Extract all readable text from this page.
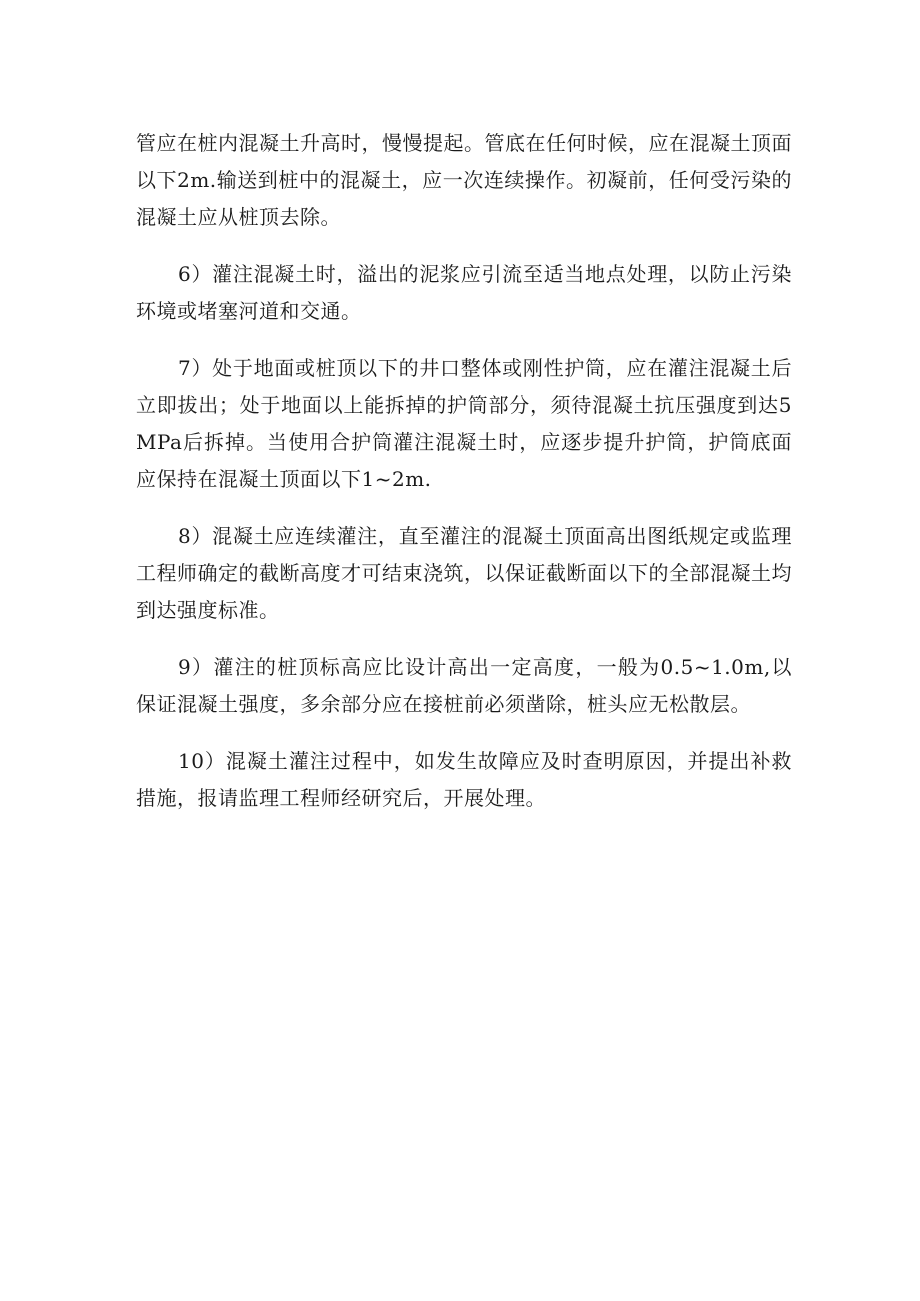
管应在桩内混凝土升高时，慢慢提起。管底在任何时候，应在混凝土顶面以下2m.输送到桩中的混凝土，应一次连续操作。初凝前，任何受污染的混凝土应从桩顶去除。

6）灌注混凝土时，溢出的泥浆应引流至适当地点处理，以防止污染环境或堵塞河道和交通。

7）处于地面或桩顶以下的井口整体或刚性护筒，应在灌注混凝土后立即拔出；处于地面以上能拆掉的护筒部分，须待混凝土抗压强度到达5MPa后拆掉。当使用合护筒灌注混凝土时，应逐步提升护筒，护筒底面应保持在混凝土顶面以下1~2m.

8）混凝土应连续灌注，直至灌注的混凝土顶面高出图纸规定或监理工程师确定的截断高度才可结束浇筑，以保证截断面以下的全部混凝土均到达强度标准。

9）灌注的桩顶标高应比设计高出一定高度，一般为0.5~1.0m,以保证混凝土强度，多余部分应在接桩前必须凿除，桩头应无松散层。

10）混凝土灌注过程中，如发生故障应及时查明原因，并提出补救措施，报请监理工程师经研究后，开展处理。
